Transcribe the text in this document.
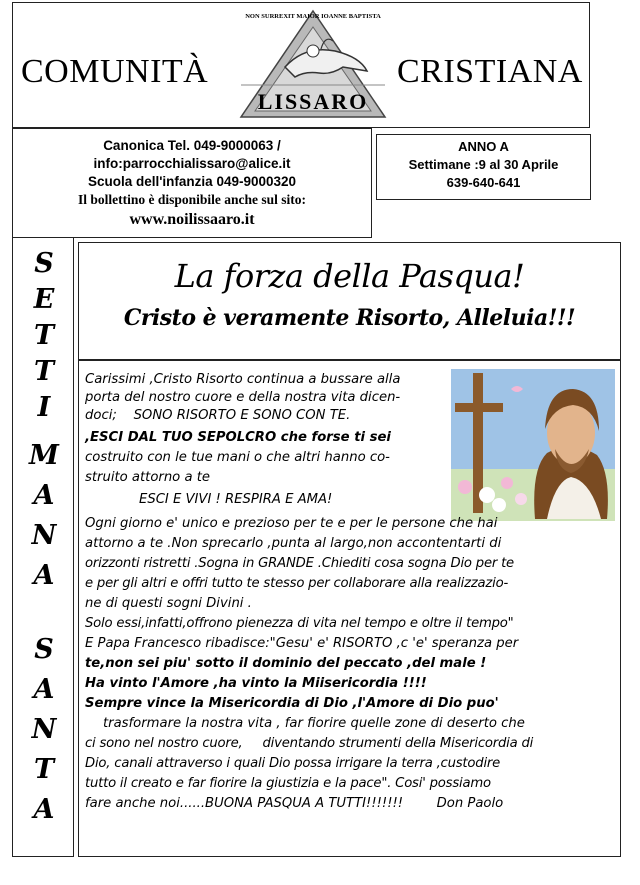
NON SURREXIT MAIOR IOANNE BAPTISTA
LISSARO
COMUNITÀ	CRISTIANA
Canonica Tel. 049-9000063 /
info:parrocchialissaro@alice.it
Scuola dell'infanzia 049-9000320
Il bollettino è disponibile anche sul sito:
www.noilissaaro.it
ANNO A
Settimane :9 al 30 Aprile
639-640-641
S
E
T
T
I
M
A
N
A
S
A
N
T
A
La forza della Pasqua!
Cristo è veramente Risorto, Alleluia!!!
Carissimi ,Cristo Risorto continua a bussare alla
porta del nostro cuore e della nostra vita dicen-
doci;    SONO RISORTO E SONO CON TE.
,ESCI DAL TUO SEPOLCRO che forse ti sei
costruito con le tue mani o che altri hanno co-
struito attorno a te
ESCI E VIVI ! RESPIRA E AMA!
Ogni giorno e' unico e prezioso per te e per le persone che hai
attorno a te .Non sprecarlo ,punta al largo,non accontentarti di
orizzonti ristretti .Sogna in GRANDE .Chiediti cosa sogna Dio per te
e per gli altri e offri tutto te stesso per collaborare alla realizzazio-
ne di questi sogni Divini .
Solo essi,infatti,offrono pienezza di vita nel tempo e oltre il tempo"
E Papa Francesco ribadisce:"Gesu' e' RISORTO ,c 'e' speranza per
te,non sei piu' sotto il dominio del peccato ,del male !
Ha vinto l'Amore ,ha vinto la Miisericordia !!!!
Sempre vince la Misericordia di Dio ,l'Amore di Dio puo'
trasformare la nostra vita , far fiorire quelle zone di deserto che
ci sono nel nostro cuore,     diventando strumenti della Misericordia di
Dio, canali attraverso i quali Dio possa irrigare la terra ,custodire
tutto il creato e far fiorire la giustizia e la pace". Cosi' possiamo
fare anche noi......BUONA PASQUA A TUTTI!!!!!!!        Don Paolo
